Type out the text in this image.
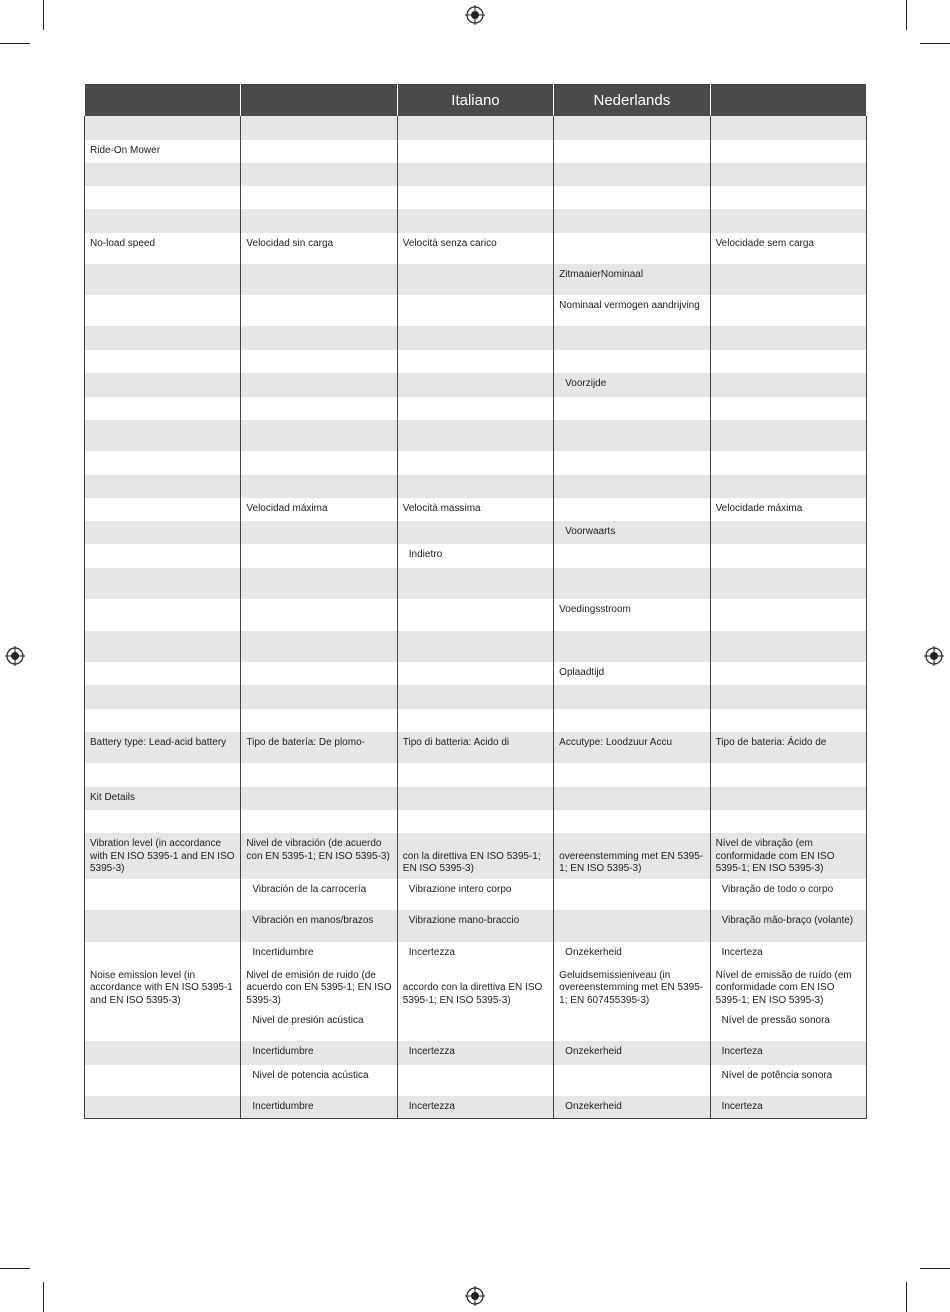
		Italiano	Nederlands	

Ride-On Mower				

No-load speed	Velocidad sin carga	Velocità senza carico		Velocidade sem carga
			ZitmaaierNominaal	
			Nominaal vermogen aandrijving	

			Voorzijde	

	Velocidad máxima	Velocità massima		Velocidade máxima
			Voorwaarts	
		Indietro		

			Voedingsstroom	

			Oplaadtijd	

Battery type: Lead-acid battery	Tipo de batería: De plomo-	Tipo di batteria: Acido di	Accutype: Loodzuur Accu	Tipo de bateria: Ácido de

Kit Details				

Vibration level (in accordance with EN ISO 5395-1 and EN ISO 5395-3)	Nivel de vibración (de acuerdo con EN 5395-1; EN ISO 5395-3)	con la direttiva EN ISO 5395-1; EN ISO 5395-3)	overeenstemming met EN 5395-1; EN ISO 5395-3)	Nível de vibração (em conformidade com EN ISO 5395-1; EN ISO 5395-3)
	Vibración de la carrocería	Vibrazione intero corpo		Vibração de todo o corpo
	Vibración en manos/brazos	Vibrazione mano-braccio		Vibração mão-braço (volante)
	Incertidumbre	Incertezza	Onzekerheid	Incerteza
Noise emission level (in accordance with EN ISO 5395-1 and EN ISO 5395-3)	Nivel de emisión de ruido (de acuerdo con EN 5395-1; EN ISO 5395-3)	accordo con la direttiva EN ISO 5395-1; EN ISO 5395-3)	Geluidsemissieniveau (in overeenstemming met EN 5395-1; EN 607455395-3)	Nível de emissão de ruído (em conformidade com EN ISO 5395-1; EN ISO 5395-3)
	Nivel de presión acústica			Nível de pressão sonora
	Incertidumbre	Incertezza	Onzekerheid	Incerteza
	Nivel de potencia acústica			Nível de potência sonora
	Incertidumbre	Incertezza	Onzekerheid	Incerteza
